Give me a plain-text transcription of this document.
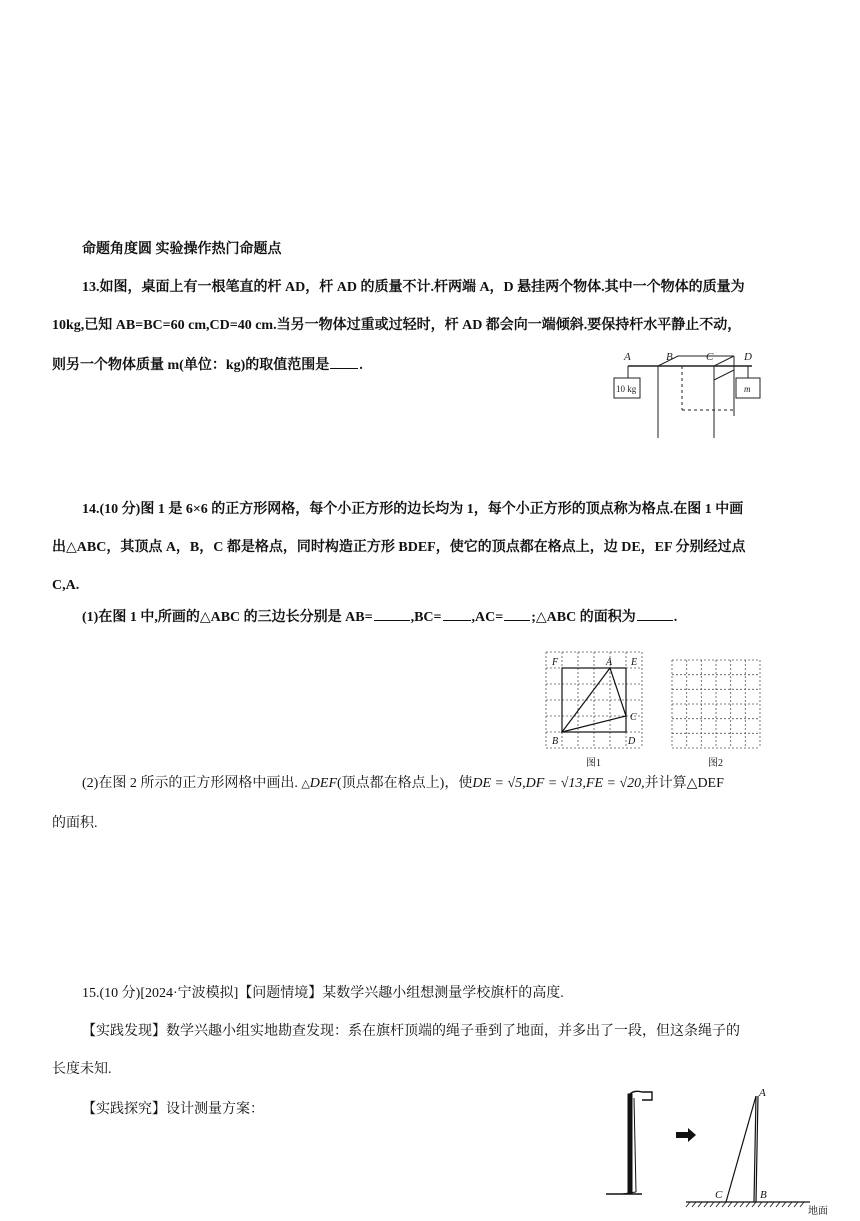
命题角度圆 实验操作热门命题点
13.如图，桌面上有一根笔直的杆 AD，杆 AD 的质量不计.杆两端 A，D 悬挂两个物体.其中一个物体的质量为
10kg,已知 AB=BC=60 cm,CD=40 cm.当另一物体过重或过轻时，杆 AD 都会向一端倾斜.要保持杆水平静止不动，
则另一个物体质量 m(单位：kg)的取值范围是 .
A	B	C	D
10 kg	m
14.(10 分)图 1 是 6×6 的正方形网格，每个小正方形的边长均为 1，每个小正方形的顶点称为格点.在图 1 中画
出△ABC，其顶点 A，B，C 都是格点，同时构造正方形 BDEF，使它的顶点都在格点上，边 DE，EF 分别经过点
C,A.
(1)在图 1 中,所画的△ABC 的三边长分别是 AB=	,BC= ,AC= ;△ABC 的面积为	.
F	A E
C
B	D
图1	图2
(2)在图 2 所示的正方形网格中画出. △DEF(顶点都在格点上)，使DE = √5,DF = √13,FE = √20,并计算△DEF
的面积.
15.(10 分)[2024·宁波模拟]【问题情境】某数学兴趣小组想测量学校旗杆的高度.
【实践发现】数学兴趣小组实地勘查发现：系在旗杆顶端的绳子垂到了地面，并多出了一段，但这条绳子的
长度未知.
【实践探究】设计测量方案：
A
B
C
地面
